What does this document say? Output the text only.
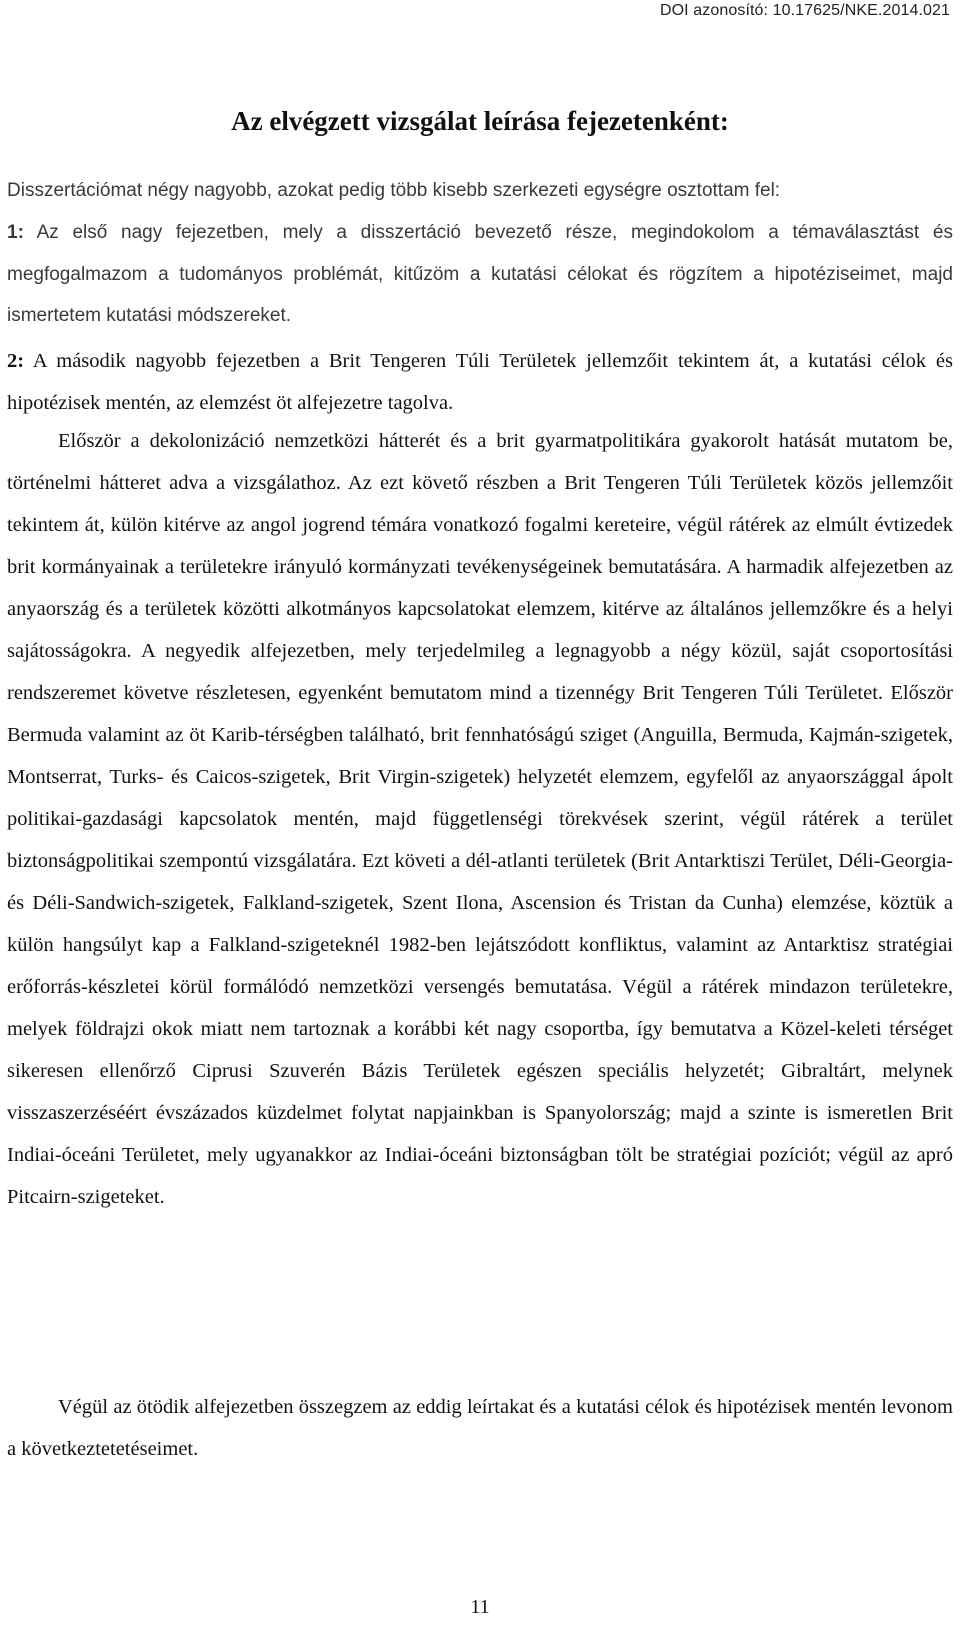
DOI azonosító: 10.17625/NKE.2014.021
Az elvégzett vizsgálat leírása fejezetenként:

Disszertációmat négy nagyobb, azokat pedig több kisebb szerkezeti egységre osztottam fel:

1: Az első nagy fejezetben, mely a disszertáció bevezető része, megindokolom a témaválasztást és megfogalmazom a tudományos problémát, kitűzöm a kutatási célokat és rögzítem a hipotéziseimet, majd ismertetem kutatási módszereket.

2: A második nagyobb fejezetben a Brit Tengeren Túli Területek jellemzőit tekintem át, a kutatási célok és hipotézisek mentén, az elemzést öt alfejezetre tagolva.

Először a dekolonizáció nemzetközi hátterét és a brit gyarmatpolitikára gyakorolt hatását mutatom be, történelmi hátteret adva a vizsgálathoz. Az ezt követő részben a Brit Tengeren Túli Területek közös jellemzőit tekintem át, külön kitérve az angol jogrend témára vonatkozó fogalmi kereteire, végül rátérek az elmúlt évtizedek brit kormányainak a területekre irányuló kormányzati tevékenységeinek bemutatására. A harmadik alfejezetben az anyaország és a területek közötti alkotmányos kapcsolatokat elemzem, kitérve az általános jellemzőkre és a helyi sajátosságokra. A negyedik alfejezetben, mely terjedelmileg a legnagyobb a négy közül, saját csoportosítási rendszeremet követve részletesen, egyenként bemutatom mind a tizennégy Brit Tengeren Túli Területet. Először Bermuda valamint az öt Karib-térségben található, brit fennhatóságú sziget (Anguilla, Bermuda, Kajmán-szigetek, Montserrat, Turks- és Caicos-szigetek, Brit Virgin-szigetek) helyzetét elemzem, egyfelől az anyaországgal ápolt politikai-gazdasági kapcsolatok mentén, majd függetlenségi törekvések szerint, végül rátérek a terület biztonságpolitikai szempontú vizsgálatára. Ezt követi a dél-atlanti területek (Brit Antarktiszi Terület, Déli-Georgia- és Déli-Sandwich-szigetek, Falkland-szigetek, Szent Ilona, Ascension és Tristan da Cunha) elemzése, köztük a külön hangsúlyt kap a Falkland-szigeteknél 1982-ben lejátszódott konfliktus, valamint az Antarktisz stratégiai erőforrás-készletei körül formálódó nemzetközi versengés bemutatása. Végül a rátérek mindazon területekre, melyek földrajzi okok miatt nem tartoznak a korábbi két nagy csoportba, így bemutatva a Közel-keleti térséget sikeresen ellenőrző Ciprusi Szuverén Bázis Területek egészen speciális helyzetét; Gibraltárt, melynek visszaszerzéséért évszázados küzdelmet folytat napjainkban is Spanyolország; majd a szinte is ismeretlen Brit Indiai-óceáni Területet, mely ugyanakkor az Indiai-óceáni biztonságban tölt be stratégiai pozíciót; végül az apró Pitcairn-szigeteket.

Végül az ötödik alfejezetben összegzem az eddig leírtakat és a kutatási célok és hipotézisek mentén levonom a következtetetéseimet.

11
